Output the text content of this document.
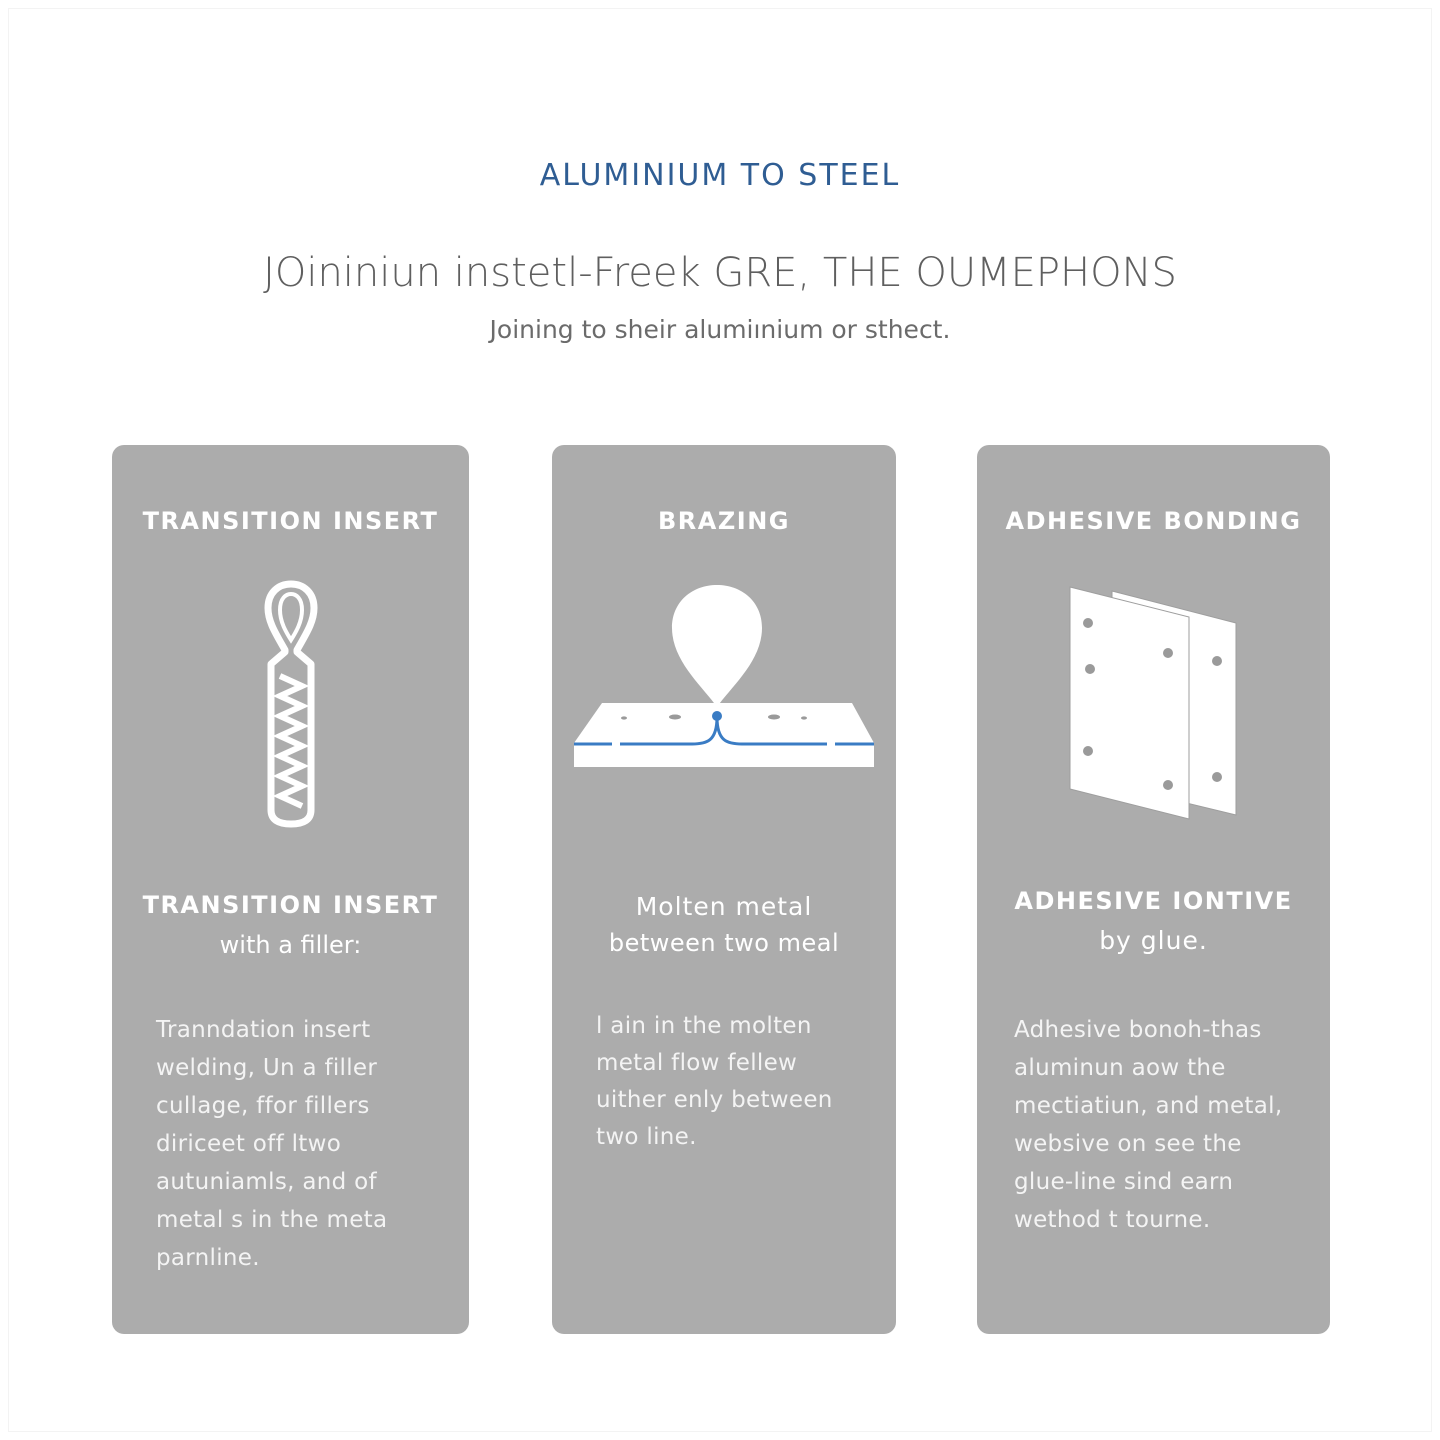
ALUMINIUM TO STEEL
JOininiun instetl-Freek GRE, THE OUMEPHONS
Joining to sheir alumiınium or sthect.
TRANSITION INSERT
TRANSITION INSERT
with a filler:
Tranndation insert
welding, Un a filler
cullage, ffor fillers
diriceet off ltwo
autuniamls, and of
metal s in the meta
parnline.
BRAZING
Molten metal
between two meal
l ain in the molten
metal flow fellew
uither enly between
two line.
ADHESIVE BONDING
ADHESIVE IONTIVE
by glue.
Adhesive bonoh-thas
aluminun aow the
mectiatiun, and metal,
websive on see the
glue-line sind earn
wethod t tourne.
